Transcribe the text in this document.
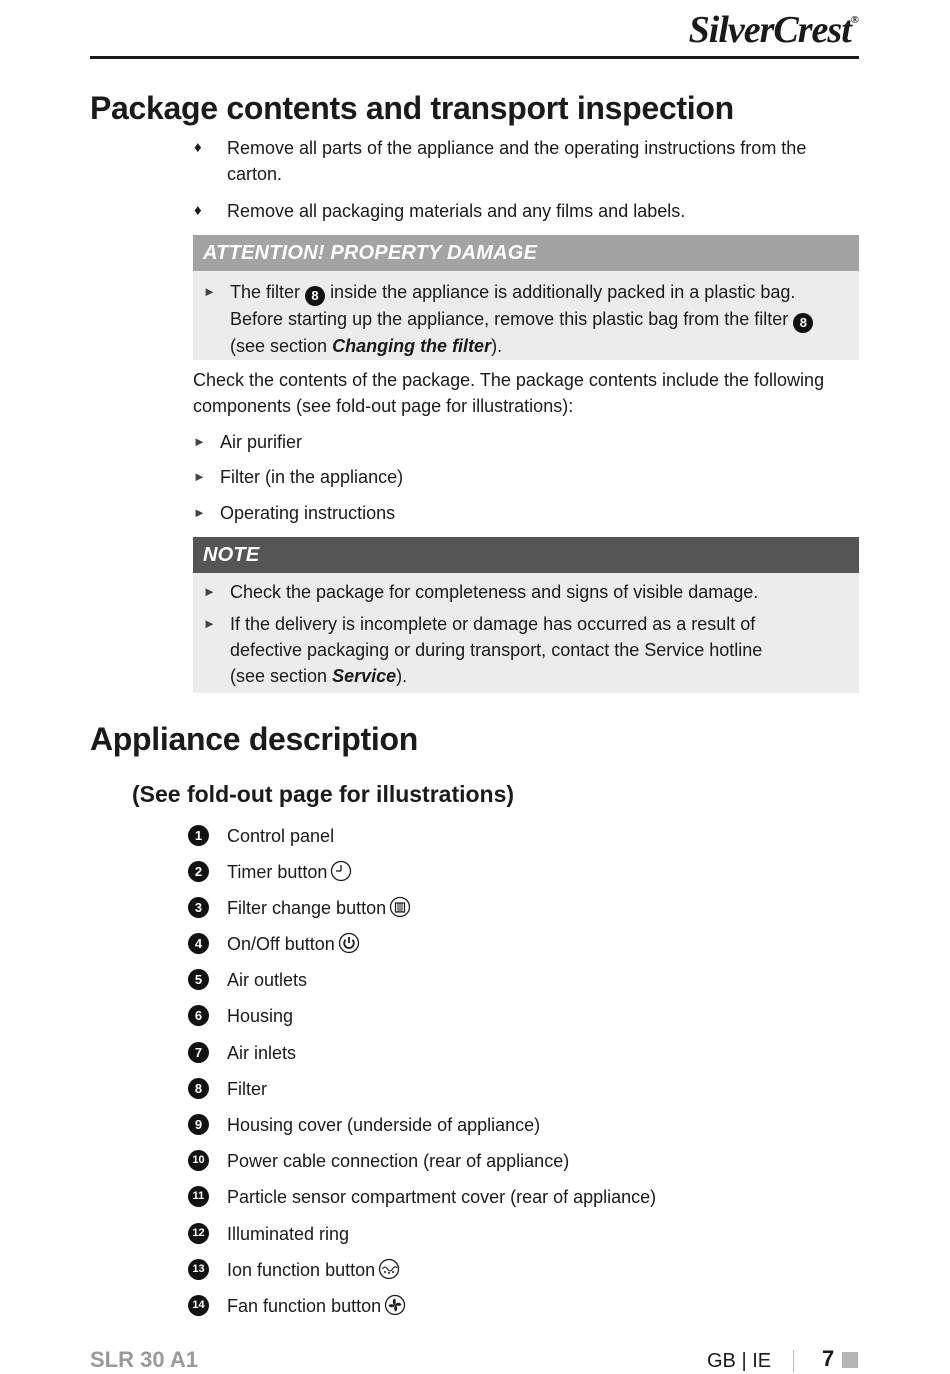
SilverCrest®
Package contents and transport inspection
♦ Remove all parts of the appliance and the operating instructions from the
carton.
♦ Remove all packaging materials and any films and labels.
ATTENTION! PROPERTY DAMAGE
► The filter 8 inside the appliance is additionally packed in a plastic bag.
Before starting up the appliance, remove this plastic bag from the filter 8
(see section Changing the filter).
Check the contents of the package. The package contents include the following
components (see fold-out page for illustrations):
► Air purifier
► Filter (in the appliance)
► Operating instructions
NOTE
► Check the package for completeness and signs of visible damage.
► If the delivery is incomplete or damage has occurred as a result of
defective packaging or during transport, contact the Service hotline
(see section Service).
Appliance description
(See fold-out page for illustrations)
1	Control panel
2	Timer button
3	Filter change button
4	On/Off button
5	Air outlets
6	Housing
7	Air inlets
8	Filter
9	Housing cover (underside of appliance)
10 Power cable connection (rear of appliance)
11 Particle sensor compartment cover (rear of appliance)
12 Illuminated ring
13 Ion function button
14 Fan function button
SLR 30 A1	GB | IE 7
